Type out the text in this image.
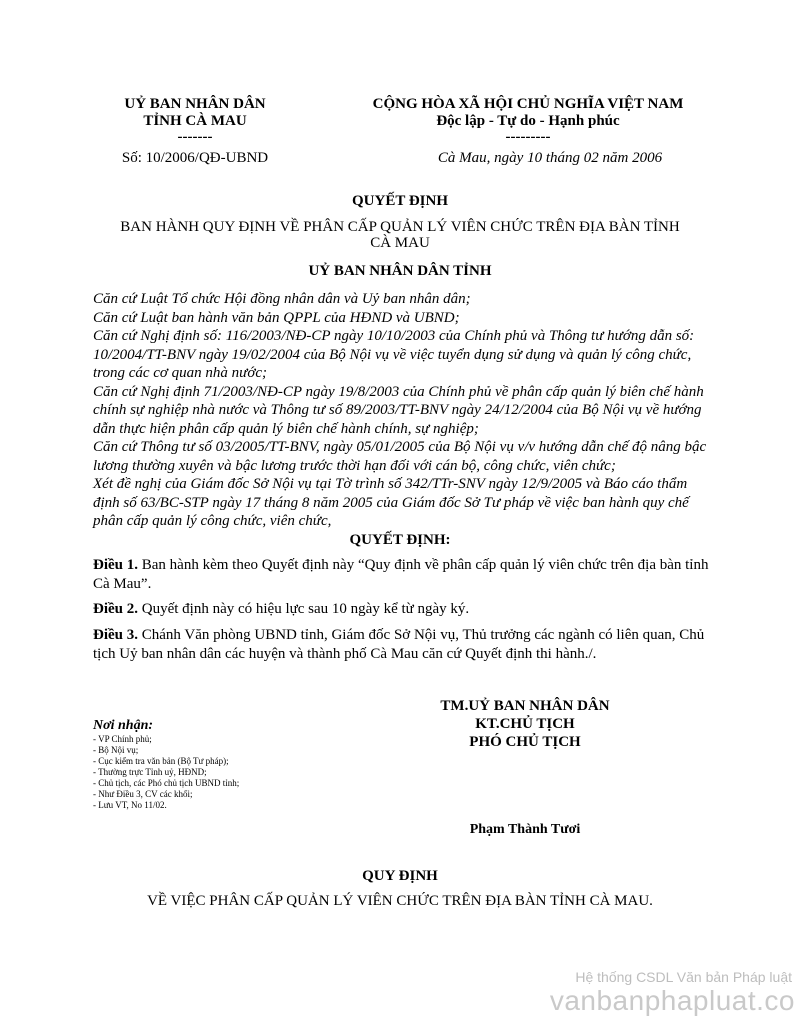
UỶ BAN NHÂN DÂN
TỈNH CÀ MAU
-------
Số: 10/2006/QĐ-UBND
CỘNG HÒA XÃ HỘI CHỦ NGHĨA VIỆT NAM
Độc lập - Tự do - Hạnh phúc
---------
Cà Mau, ngày 10 tháng 02 năm 2006
QUYẾT ĐỊNH
BAN HÀNH QUY ĐỊNH VỀ PHÂN CẤP QUẢN LÝ VIÊN CHỨC TRÊN ĐỊA BÀN TỈNH
CÀ MAU
UỶ BAN NHÂN DÂN TỈNH
Căn cứ Luật Tổ chức Hội đồng nhân dân và Uỷ ban nhân dân;
Căn cứ Luật ban hành văn bản QPPL của HĐND và UBND;
Căn cứ Nghị định số: 116/2003/NĐ-CP ngày 10/10/2003 của Chính phủ và Thông tư hướng dẫn số: 10/2004/TT-BNV ngày 19/02/2004 của Bộ Nội vụ về việc tuyển dụng sử dụng và quản lý công chức, trong các cơ quan nhà nước;
Căn cứ Nghị định 71/2003/NĐ-CP ngày 19/8/2003 của Chính phủ về phân cấp quản lý biên chế hành chính sự nghiệp nhà nước và Thông tư số 89/2003/TT-BNV ngày 24/12/2004 của Bộ Nội vụ về hướng dẫn thực hiện phân cấp quản lý biên chế hành chính, sự nghiệp;
Căn cứ Thông tư số 03/2005/TT-BNV, ngày 05/01/2005 của Bộ Nội vụ v/v hướng dẫn chế độ nâng bậc lương thường xuyên và bậc lương trước thời hạn đối với cán bộ, công chức, viên chức;
Xét đề nghị của Giám đốc Sở Nội vụ tại Tờ trình số 342/TTr-SNV ngày 12/9/2005 và Báo cáo thẩm định số 63/BC-STP ngày 17 tháng 8 năm 2005 của Giám đốc Sở Tư pháp về việc ban hành quy chế phân cấp quản lý công chức, viên chức,
QUYẾT ĐỊNH:
Điều 1. Ban hành kèm theo Quyết định này “Quy định về phân cấp quản lý viên chức trên địa bàn tỉnh Cà Mau”.
Điều 2. Quyết định này có hiệu lực sau 10 ngày kể từ ngày ký.
Điều 3. Chánh Văn phòng UBND tỉnh, Giám đốc Sở Nội vụ, Thủ trưởng các ngành có liên quan, Chủ tịch Uỷ ban nhân dân các huyện và thành phố Cà Mau căn cứ Quyết định thi hành./.
TM.UỶ BAN NHÂN DÂN
KT.CHỦ TỊCH
PHÓ CHỦ TỊCH
Phạm Thành Tươi
Nơi nhận:
- VP Chính phủ;
- Bộ Nội vụ;
- Cục kiểm tra văn bản (Bộ Tư pháp);
- Thường trực Tỉnh uỷ, HĐND;
- Chủ tịch, các Phó chủ tịch UBND tỉnh;
- Như Điều 3, CV các khối;
- Lưu VT, No 11/02.
QUY ĐỊNH
VỀ VIỆC PHÂN CẤP QUẢN LÝ VIÊN CHỨC TRÊN ĐỊA BÀN TỈNH CÀ MAU.
Hệ thống CSDL Văn bản Pháp luật
vanbanphapluat.co
